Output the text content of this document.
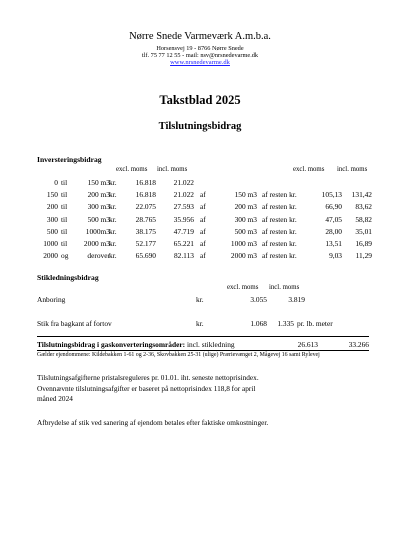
Nørre Snede Varmeværk A.m.b.a.
Horsensvej 19 - 8766 Nørre Snede
tlf. 75 77 12 55 - mail: nsv@nrsnedevarme.dk
www.nrsnedevarme.dk
Takstblad 2025
Tilslutningsbidrag
Inversteringsbidrag
excl. moms incl. moms	excl. moms incl. moms
0 til	150 m3 kr.	16.818	21.022
150 til	200 m3 kr.	16.818	21.022 af	150 m3 af resten kr.	105,13	131,42
200 til	300 m3 kr.	22.075	27.593 af	200 m3 af resten kr.	66,90	83,62
300 til	500 m3 kr.	28.765	35.956 af	300 m3 af resten kr.	47,05	58,82
500 til	1000m3 kr.	38.175	47.719 af	500 m3 af resten kr.	28,00	35,01
1000 til	2000 m3 kr.	52.177	65.221 af	1000 m3 af resten kr.	13,51	16,89
2000 og	derover kr.	65.690	82.113 af	2000 m3 af resten kr.	9,03	11,29
Stikledningsbidrag
excl. moms incl. moms
Anboring	kr.	3.055	3.819
Stik fra bagkant af fortov	kr.	1.068	1.335 pr. lb. meter
Tilslutningsbidrag i gaskonverteringsområder: incl. stikledning	26.613	33.266
Gælder ejendommene: Kildebakken 1-61 og 2-36, Skovbakken 25-31 (ulige) Prærievænget 2, Mågevej 16 samt Rylevej
Tilslutningsafgifterne pristalsreguleres pr. 01.01. iht. seneste nettoprisindex.
Ovennævnte tilslutningsafgifter er baseret på nettoprisindex 118,8 for april
måned 2024
Afbrydelse af stik ved sanering af ejendom betales efter faktiske omkostninger.
